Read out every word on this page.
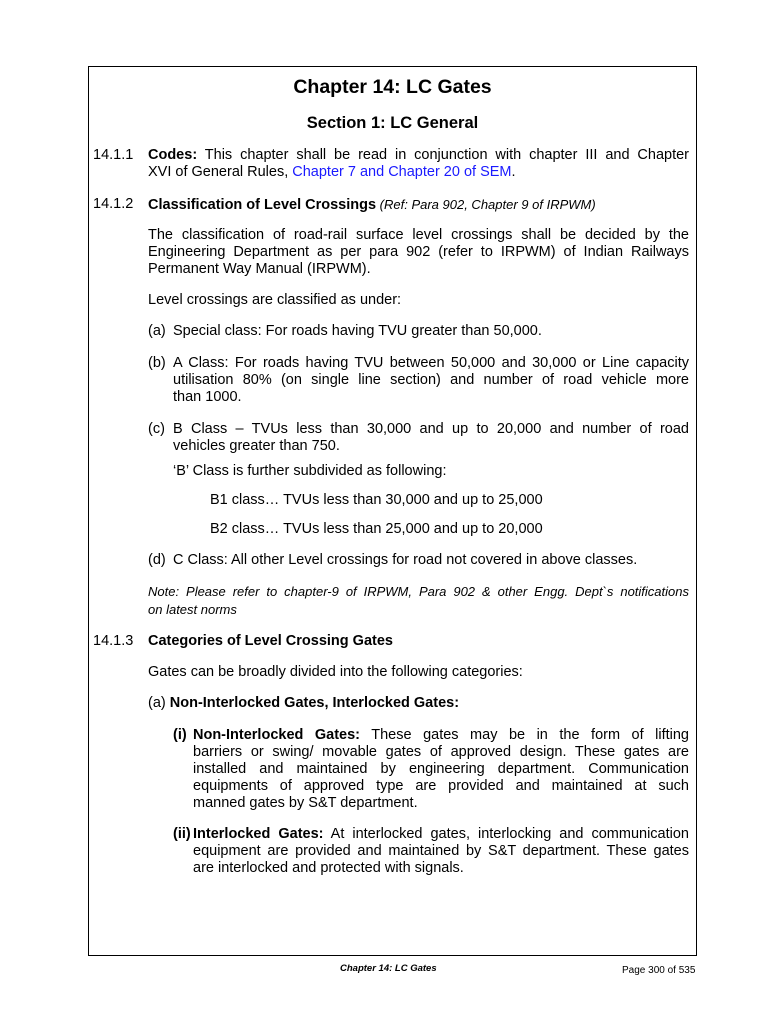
Chapter 14: LC Gates
Section 1: LC General
14.1.1 Codes: This chapter shall be read in conjunction with chapter III and Chapter
XVI of General Rules, Chapter 7 and Chapter 20 of SEM.
14.1.2 Classification of Level Crossings (Ref: Para 902, Chapter 9 of IRPWM)
The classification of road-rail surface level crossings shall be decided by the
Engineering Department as per para 902 (refer to IRPWM) of Indian Railways
Permanent Way Manual (IRPWM).
Level crossings are classified as under:
(a) Special class: For roads having TVU greater than 50,000.
(b) A Class: For roads having TVU between 50,000 and 30,000 or Line capacity
utilisation 80% (on single line section) and number of road vehicle more
than 1000.
(c) B Class – TVUs less than 30,000 and up to 20,000 and number of road
vehicles greater than 750.
‘B’ Class is further subdivided as following:
B1 class… TVUs less than 30,000 and up to 25,000
B2 class… TVUs less than 25,000 and up to 20,000
(d) C Class: All other Level crossings for road not covered in above classes.
Note: Please refer to chapter-9 of IRPWM, Para 902 & other Engg. Dept`s notifications
on latest norms
14.1.3 Categories of Level Crossing Gates
Gates can be broadly divided into the following categories:
(a) Non-Interlocked Gates, Interlocked Gates:
(i) Non-Interlocked Gates: These gates may be in the form of lifting
barriers or swing/ movable gates of approved design. These gates are
installed and maintained by engineering department. Communication
equipments of approved type are provided and maintained at such
manned gates by S&T department.
(ii) Interlocked Gates: At interlocked gates, interlocking and communication
equipment are provided and maintained by S&T department. These gates
are interlocked and protected with signals.
Chapter 14: LC Gates	Page 300 of 535
